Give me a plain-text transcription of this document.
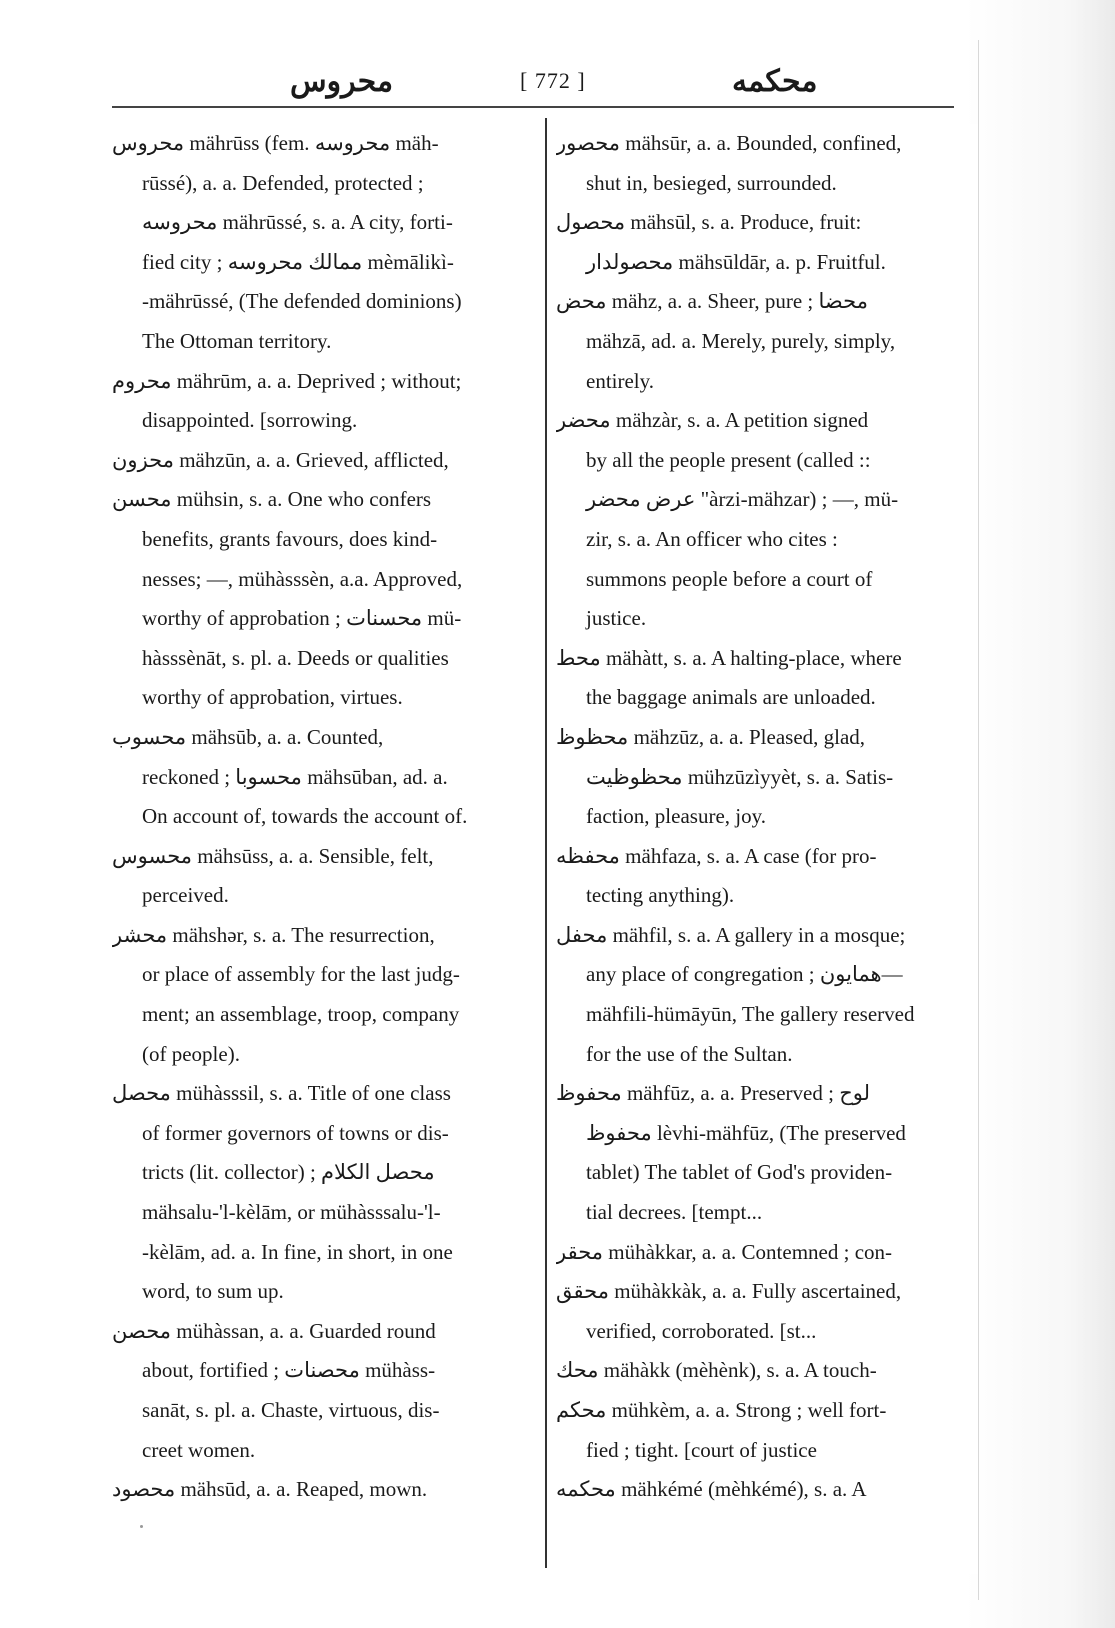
محروس	[ 772 ]	محكمه
محروس mährūss (fem. محروسه mäh-
rūssé), a. a. Defended, protected ;
محروسه mährūssé, s. a. A city, forti-
fied city ; ممالك محروسه mèmālikì-
-mährūssé, (The defended dominions)
The Ottoman territory.
محروم mährūm, a. a. Deprived ; without;
disappointed. [sorrowing.
محزون mähzūn, a. a. Grieved, afflicted,
محسن mühsin, s. a. One who confers
benefits, grants favours, does kind-
nesses; —, mühàsssèn, a.a. Approved,
worthy of approbation ; محسنات mü-
hàsssènāt, s. pl. a. Deeds or qualities
worthy of approbation, virtues.
محسوب mähsūb, a. a. Counted,
reckoned ; محسوبا mähsūban, ad. a.
On account of, towards the account of.
محسوس mähsūss, a. a. Sensible, felt,
perceived.
محشر mähshər, s. a. The resurrection,
or place of assembly for the last judg-
ment; an assemblage, troop, company
(of people).
محصل mühàsssil, s. a. Title of one class
of former governors of towns or dis-
tricts (lit. collector) ; محصل الكلام
mähsalu-'l-kèlām, or mühàsssalu-'l-
-kèlām, ad. a. In fine, in short, in one
word, to sum up.
محصن mühàssan, a. a. Guarded round
about, fortified ; محصنات mühàss-
sanāt, s. pl. a. Chaste, virtuous, dis-
creet women.
محصود mähsūd, a. a. Reaped, mown.
محصور mähsūr, a. a. Bounded, confined,
shut in, besieged, surrounded.
محصول mähsūl, s. a. Produce, fruit:
محصولدار mähsūldār, a. p. Fruitful.
محض mähz, a. a. Sheer, pure ; محضا
mähzā, ad. a. Merely, purely, simply,
entirely.
محضر mähzàr, s. a. A petition signed
by all the people present (called ::
عرض محضر "àrzi-mähzar) ; —, mü-
zir, s. a. An officer who cites :
summons people before a court of
justice.
محط mähàtt, s. a. A halting-place, where
the baggage animals are unloaded.
محظوظ mähzūz, a. a. Pleased, glad,
محظوظيت mühzūzìyyèt, s. a. Satis-
faction, pleasure, joy.
محفظه mähfaza, s. a. A case (for pro-
tecting anything).
محفل mähfil, s. a. A gallery in a mosque;
any place of congregation ; همايون—
mähfili-hümāyūn, The gallery reserved
for the use of the Sultan.
محفوظ mähfūz, a. a. Preserved ; لوح
محفوظ lèvhi-mähfūz, (The preserved
tablet) The tablet of God's providen-
tial decrees. [tempt...
محقر mühàkkar, a. a. Contemned ; con-
محقق mühàkkàk, a. a. Fully ascertained,
verified, corroborated. [st...
محك mähàkk (mèhènk), s. a. A touch-
محكم mühkèm, a. a. Strong ; well fort-
fied ; tight. [court of justice
محكمه mähkémé (mèhkémé), s. a. A
